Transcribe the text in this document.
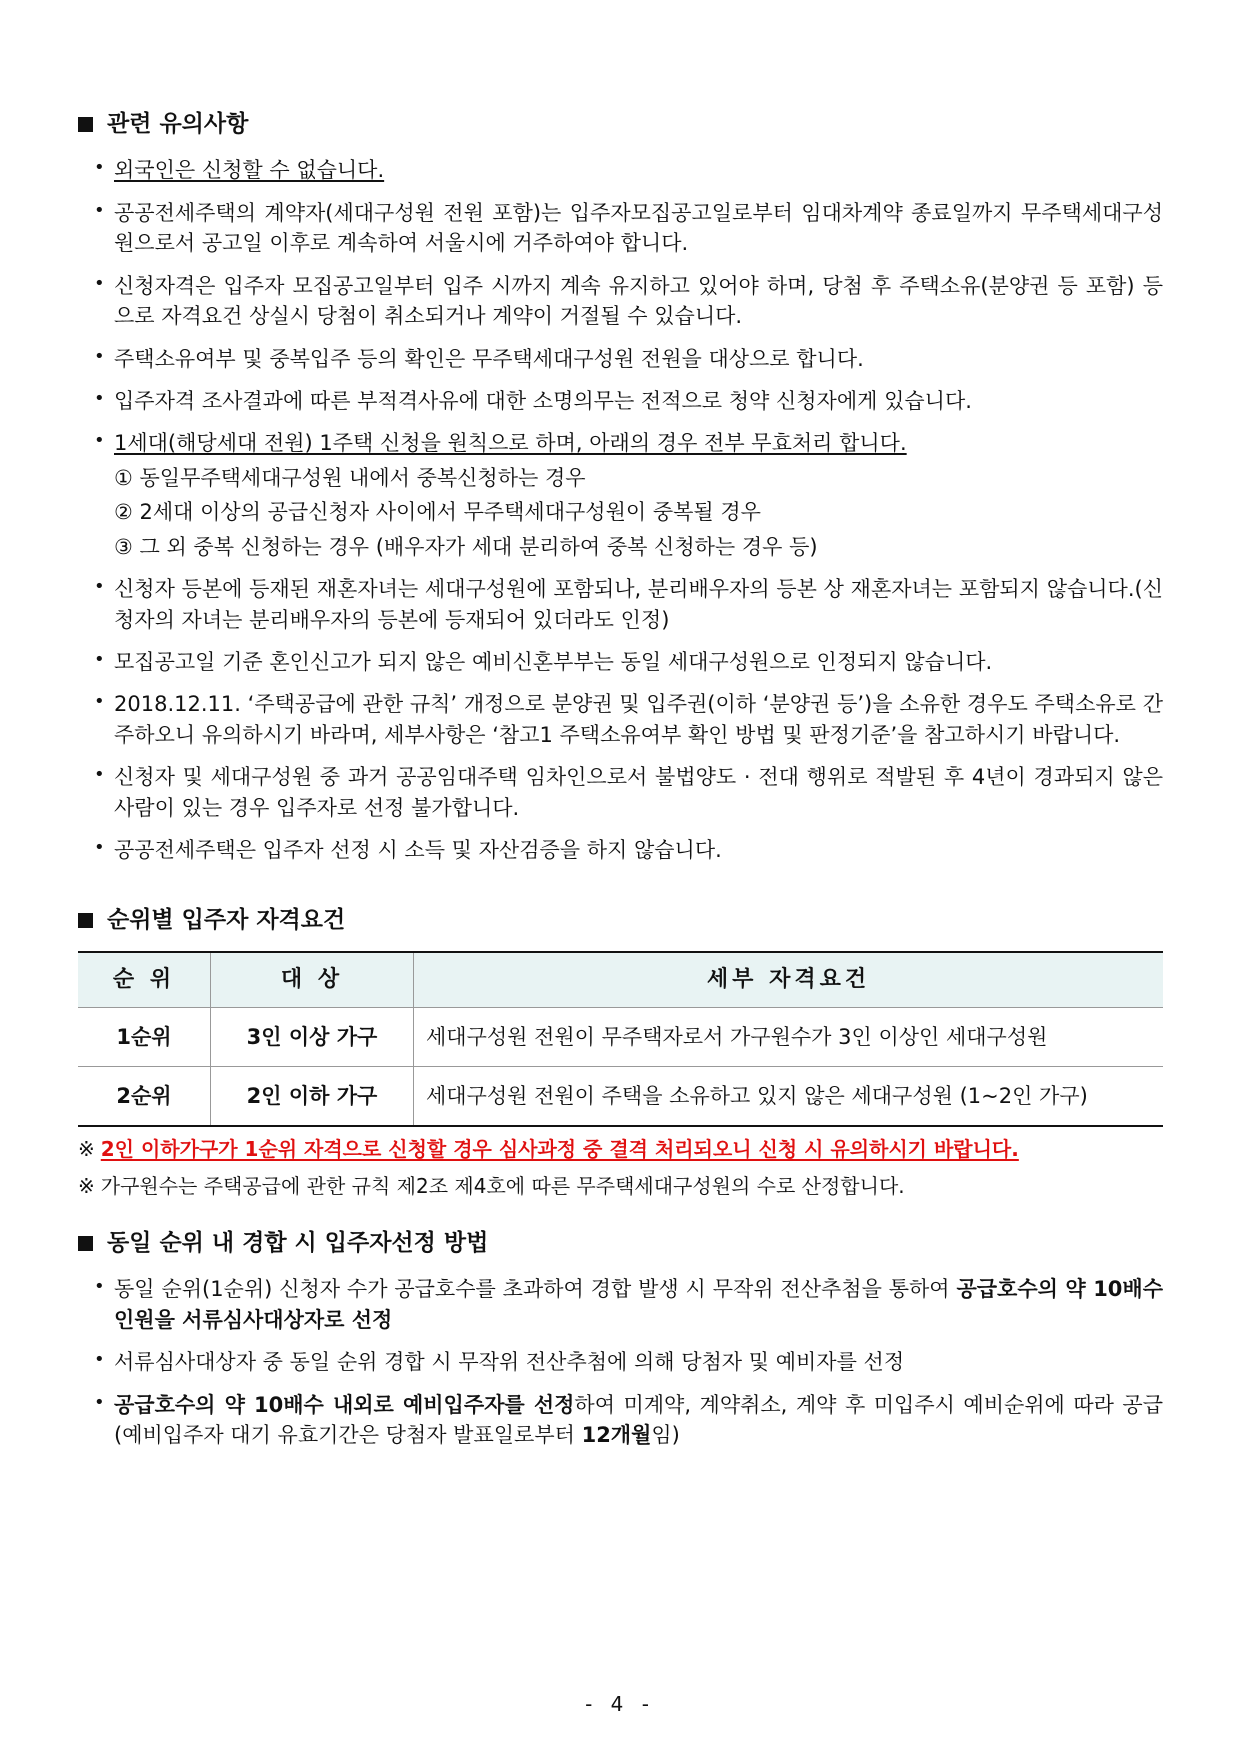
관련 유의사항
• 외국인은 신청할 수 없습니다.
• 공공전세주택의 계약자(세대구성원 전원 포함)는 입주자모집공고일로부터 임대차계약 종료일까지 무주택세대구성원으로서 공고일 이후로 계속하여 서울시에 거주하여야 합니다.
• 신청자격은 입주자 모집공고일부터 입주 시까지 계속 유지하고 있어야 하며, 당첨 후 주택소유(분양권 등 포함) 등으로 자격요건 상실시 당첨이 취소되거나 계약이 거절될 수 있습니다.
• 주택소유여부 및 중복입주 등의 확인은 무주택세대구성원 전원을 대상으로 합니다.
• 입주자격 조사결과에 따른 부적격사유에 대한 소명의무는 전적으로 청약 신청자에게 있습니다.
• 1세대(해당세대 전원) 1주택 신청을 원칙으로 하며, 아래의 경우 전부 무효처리 합니다.
① 동일무주택세대구성원 내에서 중복신청하는 경우
② 2세대 이상의 공급신청자 사이에서 무주택세대구성원이 중복될 경우
③ 그 외 중복 신청하는 경우 (배우자가 세대 분리하여 중복 신청하는 경우 등)
• 신청자 등본에 등재된 재혼자녀는 세대구성원에 포함되나, 분리배우자의 등본 상 재혼자녀는 포함되지 않습니다.(신청자의 자녀는 분리배우자의 등본에 등재되어 있더라도 인정)
• 모집공고일 기준 혼인신고가 되지 않은 예비신혼부부는 동일 세대구성원으로 인정되지 않습니다.
• 2018.12.11. ‘주택공급에 관한 규칙’ 개정으로 분양권 및 입주권(이하 ‘분양권 등’)을 소유한 경우도 주택소유로 간주하오니 유의하시기 바라며, 세부사항은 ‘참고1 주택소유여부 확인 방법 및 판정기준’을 참고하시기 바랍니다.
• 신청자 및 세대구성원 중 과거 공공임대주택 임차인으로서 불법양도 · 전대 행위로 적발된 후 4년이 경과되지 않은 사람이 있는 경우 입주자로 선정 불가합니다.
• 공공전세주택은 입주자 선정 시 소득 및 자산검증을 하지 않습니다.
순위별 입주자 자격요건
순 위	대 상	세부 자격요건
1순위	3인 이상 가구	세대구성원 전원이 무주택자로서 가구원수가 3인 이상인 세대구성원
2순위	2인 이하 가구	세대구성원 전원이 주택을 소유하고 있지 않은 세대구성원 (1~2인 가구)

※ 2인 이하가구가 1순위 자격으로 신청할 경우 심사과정 중 결격 처리되오니 신청 시 유의하시기 바랍니다.

※ 가구원수는 주택공급에 관한 규칙 제2조 제4호에 따른 무주택세대구성원의 수로 산정합니다.

동일 순위 내 경합 시 입주자선정 방법
• 동일 순위(1순위) 신청자 수가 공급호수를 초과하여 경합 발생 시 무작위 전산추첨을 통하여 공급호수의 약 10배수 인원을 서류심사대상자로 선정
• 서류심사대상자 중 동일 순위 경합 시 무작위 전산추첨에 의해 당첨자 및 예비자를 선정
• 공급호수의 약 10배수 내외로 예비입주자를 선정하여 미계약, 계약취소, 계약 후 미입주시 예비순위에 따라 공급 (예비입주자 대기 유효기간은 당첨자 발표일로부터 12개월임)
- 4 -
